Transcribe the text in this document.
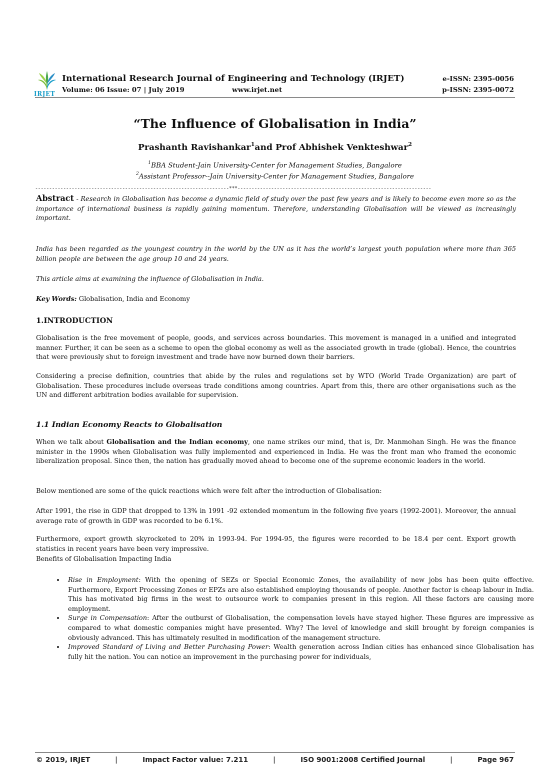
IRJET
International Research Journal of Engineering and Technology (IRJET)
Volume: 06 Issue: 07 | July 2019	www.irjet.net
e-ISSN: 2395-0056
p-ISSN: 2395-0072
“The Influence of Globalisation in India”
Prashanth Ravishankar$^1$and Prof Abhishek Venkteshwar$^2$
$^1$BBA Student-Jain University-Center for Management Studies, Bangalore
$^2$Assistant Professor--Jain University-Center for Management Studies, Bangalore
---------------------------------------------------------------------***---------------------------------------------------------------------
Abstract - Research in Globalisation has become a dynamic field of study over the past few years and is likely to become even more so as the importance of international business is rapidly gaining momentum. Therefore, understanding Globalisation will be viewed as increasingly important.
India has been regarded as the youngest country in the world by the UN as it has the world’s largest youth population where more than 365 billion people are between the age group 10 and 24 years.
This article aims at examining the influence of Globalisation in India.
Key Words: Globalisation, India and Economy
1.INTRODUCTION
Globalisation is the free movement of people, goods, and services across boundaries. This movement is managed in a unified and integrated manner. Further, it can be seen as a scheme to open the global economy as well as the associated growth in trade (global). Hence, the countries that were previously shut to foreign investment and trade have now burned down their barriers.
Considering a precise definition, countries that abide by the rules and regulations set by WTO (World Trade Organization) are part of Globalisation. These procedures include overseas trade conditions among countries. Apart from this, there are other organisations such as the UN and different arbitration bodies available for supervision.
1.1 Indian Economy Reacts to Globalisation
When we talk about Globalisation and the Indian economy, one name strikes our mind, that is, Dr. Manmohan Singh. He was the finance minister in the 1990s when Globalisation was fully implemented and experienced in India. He was the front man who framed the economic liberalization proposal. Since then, the nation has gradually moved ahead to become one of the supreme economic leaders in the world.
Below mentioned are some of the quick reactions which were felt after the introduction of Globalisation:
After 1991, the rise in GDP that dropped to 13% in 1991 -92 extended momentum in the following five years (1992-2001). Moreover, the annual average rate of growth in GDP was recorded to be 6.1%.
Furthermore, export growth skyrocketed to 20% in 1993-94. For 1994-95, the figures were recorded to be 18.4 per cent. Export growth statistics in recent years have been very impressive.
Benefits of Globalisation Impacting India
• Rise in Employment: With the opening of SEZs or Special Economic Zones, the availability of new jobs has been quite effective. Furthermore, Export Processing Zones or EPZs are also established employing thousands of people. Another factor is cheap labour in India. This has motivated big firms in the west to outsource work to companies present in this region. All these factors are causing more employment.
• Surge in Compensation: After the outburst of Globalisation, the compensation levels have stayed higher. These figures are impressive as compared to what domestic companies might have presented. Why? The level of knowledge and skill brought by foreign companies is obviously advanced. This has ultimately resulted in modification of the management structure.
• Improved Standard of Living and Better Purchasing Power: Wealth generation across Indian cities has enhanced since Globalisation has fully hit the nation. You can notice an improvement in the purchasing power for individuals,
© 2019, IRJET	|	Impact Factor value: 7.211	|	ISO 9001:2008 Certified Journal	|	Page 967
